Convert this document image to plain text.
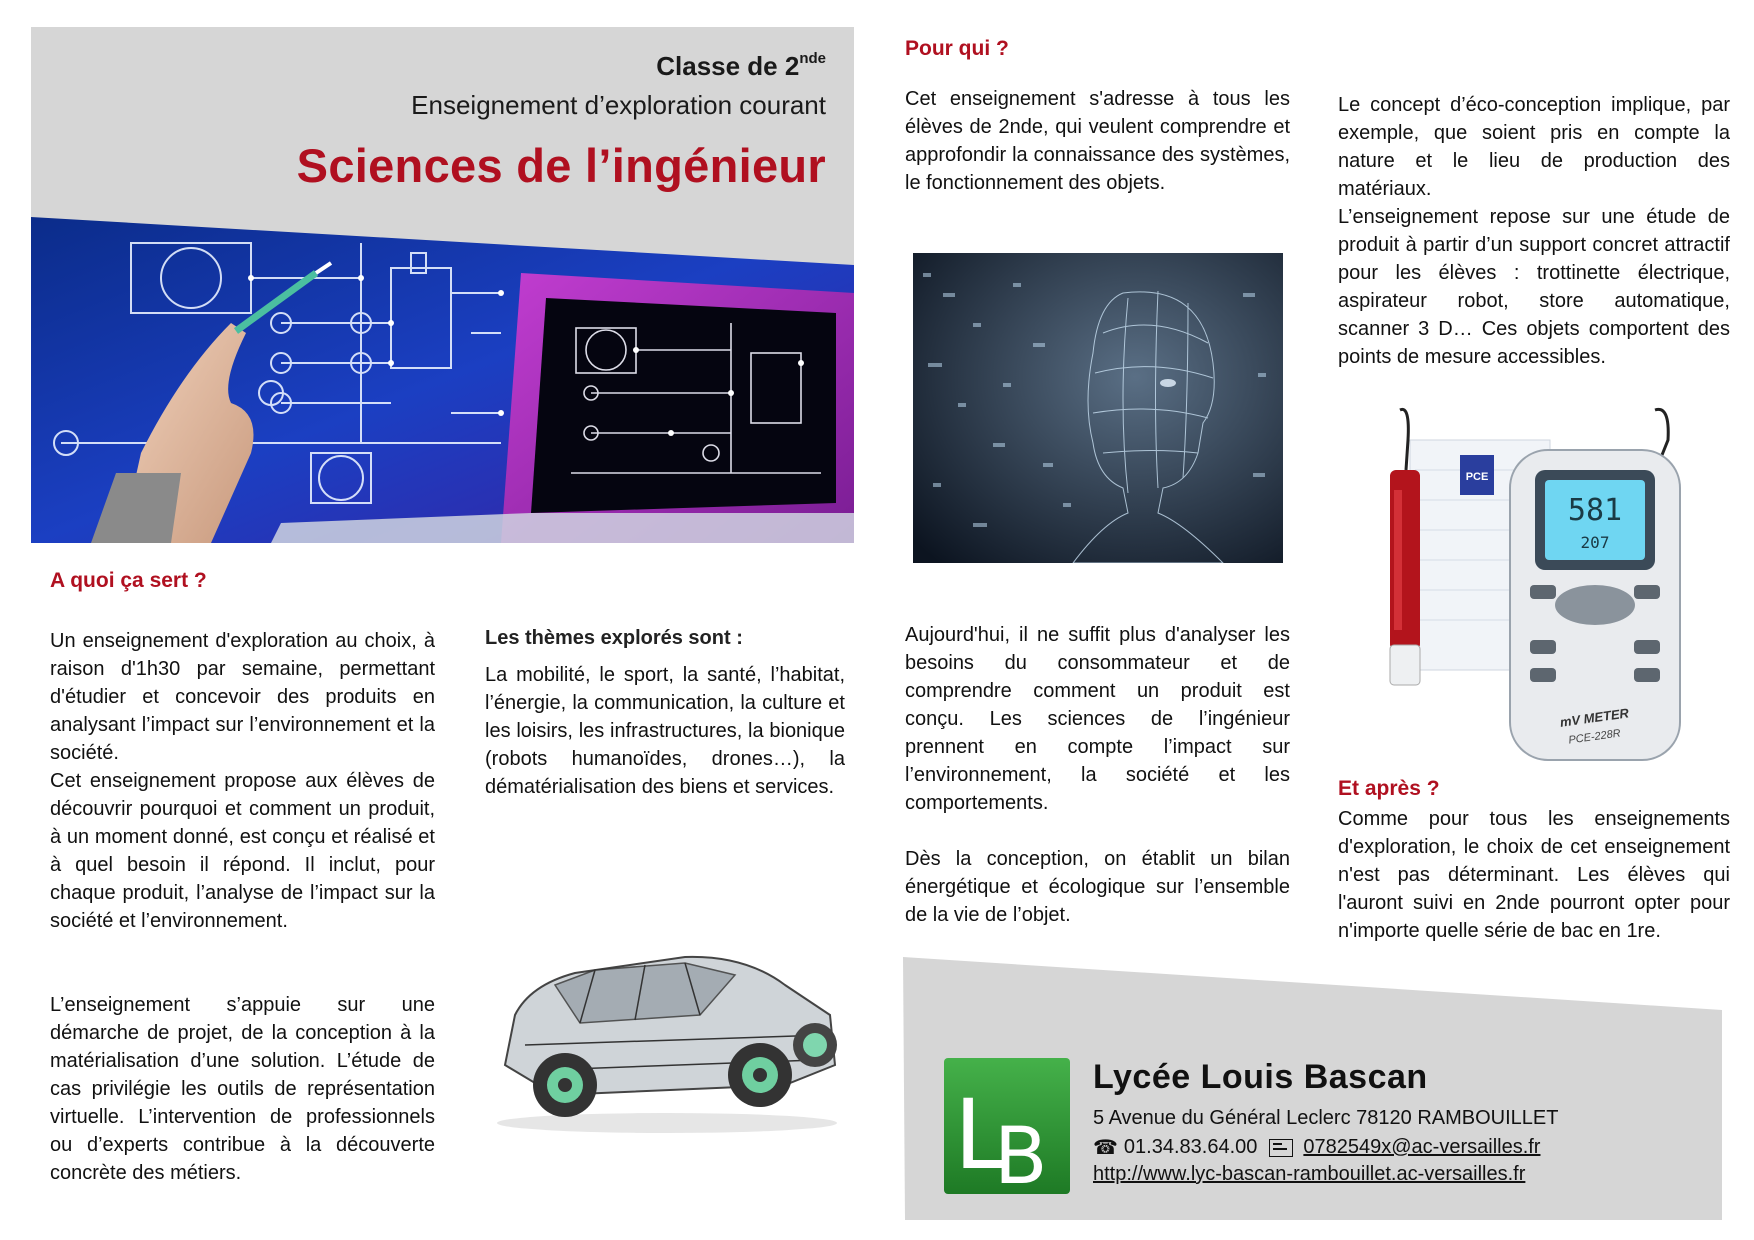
Classe de 2nde
Enseignement d’exploration courant
Sciences de l’ingénieur
A quoi ça sert ?
Un enseignement d'exploration au choix, à raison d'1h30 par semaine, permettant d'étudier et concevoir des produits en analysant l’impact sur l’environnement et la société.
Cet enseignement propose aux élèves de découvrir pourquoi et comment un produit, à un moment donné, est conçu et réalisé et à quel besoin il répond. Il inclut, pour chaque produit, l’analyse de l’impact sur la société et l’environnement.
L’enseignement s’appuie sur une démarche de projet, de la conception à la matérialisation d’une solution. L’étude de cas privilégie les outils de représentation virtuelle. L’intervention de professionnels ou d’experts contribue à la découverte concrète des métiers.
Les thèmes explorés sont :
La mobilité, le sport, la santé, l’habitat, l’énergie, la communication, la culture et les loisirs, les infrastructures, la bionique (robots humanoïdes, drones…), la dématérialisation des biens et services.
Pour qui ?
Cet enseignement s'adresse à tous les élèves de 2nde, qui veulent comprendre et approfondir la connaissance des systèmes, le fonctionnement des objets.
Aujourd'hui, il ne suffit plus d'analyser les besoins du consommateur et de comprendre comment un produit est conçu. Les sciences de l’ingénieur prennent en compte l’impact sur l’environnement, la société et les comportements.
Dès la conception, on établit un bilan énergétique et écologique sur l’ensemble de la vie de l’objet.
Le concept d’éco-conception implique, par exemple, que soient pris en compte la nature et le lieu de production des matériaux.
L’enseignement repose sur une étude de produit à partir d’un support concret attractif pour les élèves : trottinette électrique, aspirateur robot, store automatique, scanner 3 D… Ces objets comportent des points de mesure accessibles.
PCE
581
207
mV METER
PCE-228R
Et après ?
Comme pour tous les enseignements d'exploration, le choix de cet enseignement n'est pas déterminant. Les élèves qui l'auront suivi en 2nde pourront opter pour n'importe quelle série de bac en 1re.
L
B
Lycée Louis Bascan
5 Avenue du Général Leclerc 78120 RAMBOUILLET
☎ 01.34.83.64.00 0782549x@ac-versailles.fr
http://www.lyc-bascan-rambouillet.ac-versailles.fr
